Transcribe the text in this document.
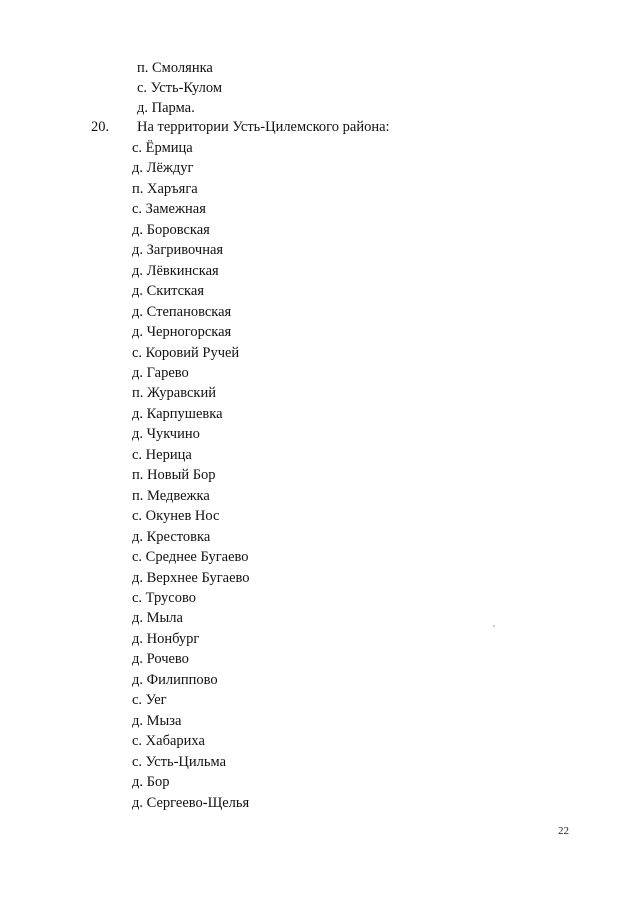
п. Смолянка
с. Усть-Кулом
д. Парма.
20. На территории Усть-Цилемского района:
с. Ёрмица
д. Лёждуг
п. Харъяга
с. Замежная
д. Боровская
д. Загривочная
д. Лёвкинская
д. Скитская
д. Степановская
д. Черногорская
с. Коровий Ручей
д. Гарево
п. Журавский
д. Карпушевка
д. Чукчино
с. Нерица
п. Новый Бор
п. Медвежка
с. Окунев Нос
д. Крестовка
с. Среднее Бугаево
д. Верхнее Бугаево
с. Трусово
д. Мыла
д. Нонбург
д. Рочево
д. Филиппово
с. Уег
д. Мыза
с. Хабариха
с. Усть-Цильма
д. Бор
д. Сергеево-Щелья
22
